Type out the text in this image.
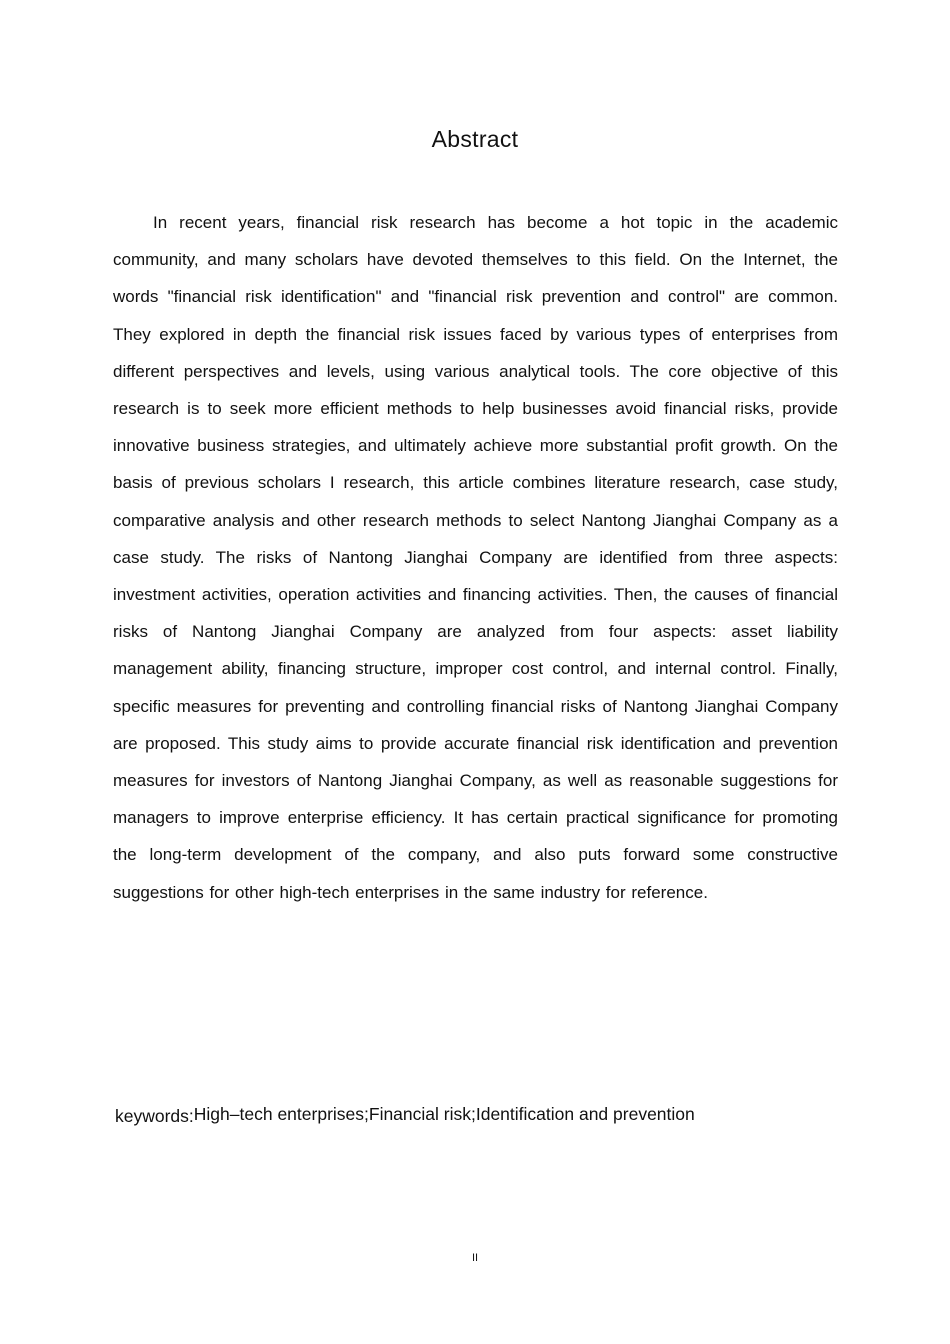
Abstract

In recent years, financial risk research has become a hot topic in the academic community, and many scholars have devoted themselves to this field. On the Internet, the words "financial risk identification" and "financial risk prevention and control" are common. They explored in depth the financial risk issues faced by various types of enterprises from different perspectives and levels, using various analytical tools. The core objective of this research is to seek more efficient methods to help businesses avoid financial risks, provide innovative business strategies, and ultimately achieve more substantial profit growth. On the basis of previous scholars I research, this article combines literature research, case study, comparative analysis and other research methods to select Nantong Jianghai Company as a case study. The risks of Nantong Jianghai Company are identified from three aspects: investment activities, operation activities and financing activities. Then, the causes of financial risks of Nantong Jianghai Company are analyzed from four aspects: asset liability management ability, financing structure, improper cost control, and internal control. Finally, specific measures for preventing and controlling financial risks of Nantong Jianghai Company are proposed. This study aims to provide accurate financial risk identification and prevention measures for investors of Nantong Jianghai Company, as well as reasonable suggestions for managers to improve enterprise efficiency. It has certain practical significance for promoting the long-term development of the company, and also puts forward some constructive suggestions for other high-tech enterprises in the same industry for reference.

keywords:High–tech enterprises;Financial risk;Identification and prevention
II
